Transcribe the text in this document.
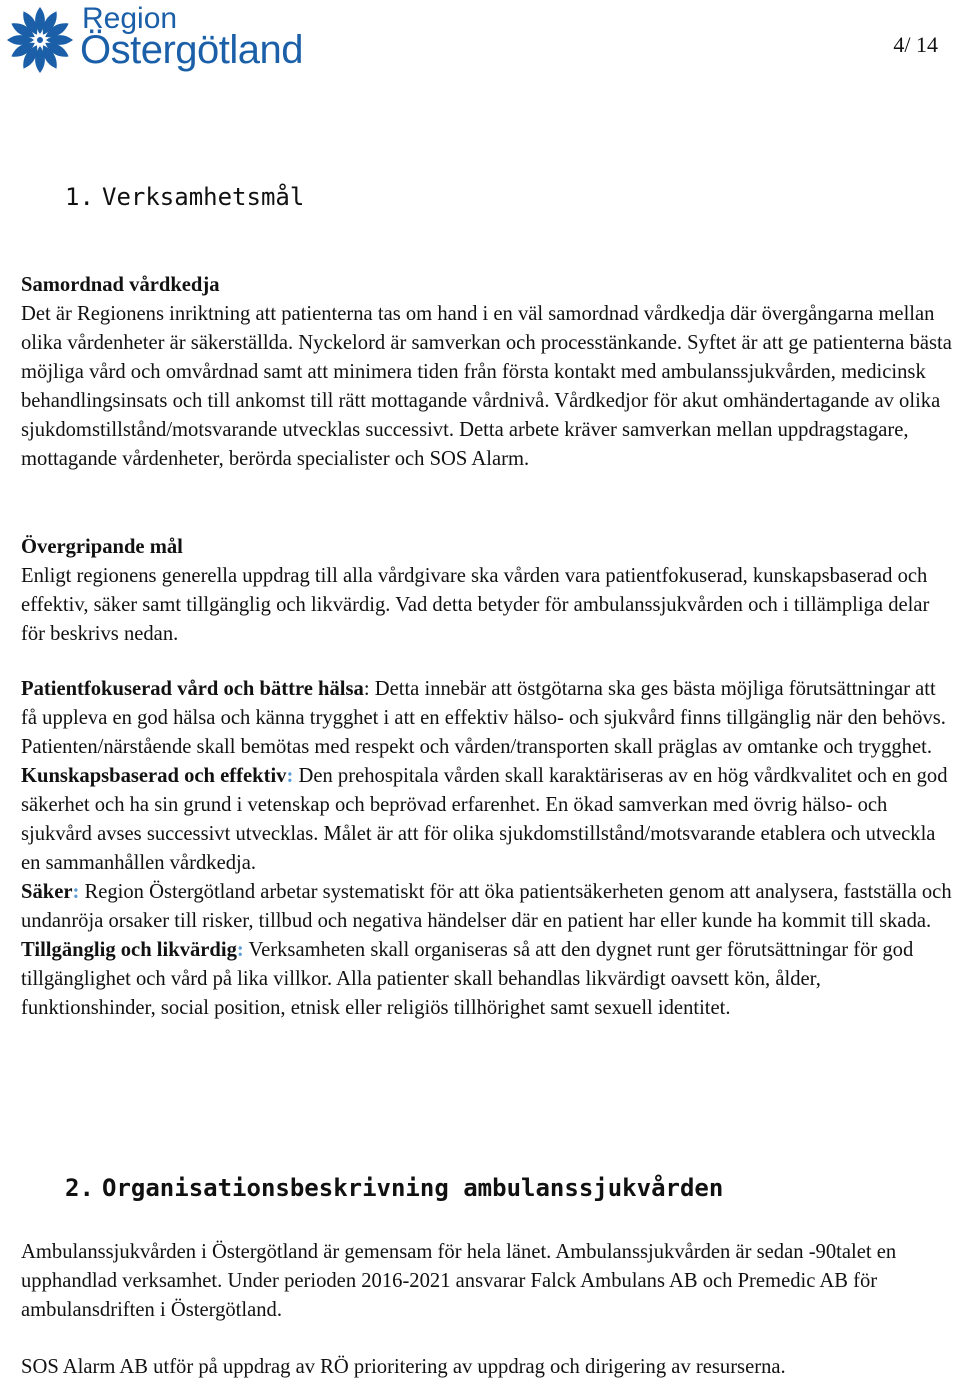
Region
Östergötland	4/ 14
1. Verksamhetsmål

Samordnad vårdkedja

Det är Regionens inriktning att patienterna tas om hand i en väl samordnad vårdkedja där övergångarna mellan olika vårdenheter är säkerställda. Nyckelord är samverkan och processtänkande. Syftet är att ge patienterna bästa möjliga vård och omvårdnad samt att minimera tiden från första kontakt med ambulanssjukvården, medicinsk behandlingsinsats och till ankomst till rätt mottagande vårdnivå. Vårdkedjor för akut omhändertagande av olika sjukdomstillstånd/motsvarande utvecklas successivt. Detta arbete kräver samverkan mellan uppdragstagare, mottagande vårdenheter, berörda specialister och SOS Alarm.

Övergripande mål

Enligt regionens generella uppdrag till alla vårdgivare ska vården vara patientfokuserad, kunskapsbaserad och effektiv, säker samt tillgänglig och likvärdig. Vad detta betyder för ambulanssjukvården och i tillämpliga delar för beskrivs nedan.

Patientfokuserad vård och bättre hälsa: Detta innebär att östgötarna ska ges bästa möjliga förutsättningar att få uppleva en god hälsa och känna trygghet i att en effektiv hälso- och sjukvård finns tillgänglig när den behövs. Patienten/närstående skall bemötas med respekt och vården/transporten skall präglas av omtanke och trygghet.

Kunskapsbaserad och effektiv: Den prehospitala vården skall karaktäriseras av en hög vårdkvalitet och en god säkerhet och ha sin grund i vetenskap och beprövad erfarenhet. En ökad samverkan med övrig hälso- och sjukvård avses successivt utvecklas. Målet är att för olika sjukdomstillstånd/motsvarande etablera och utveckla en sammanhållen vårdkedja.

Säker: Region Östergötland arbetar systematiskt för att öka patientsäkerheten genom att analysera, fastställa och undanröja orsaker till risker, tillbud och negativa händelser där en patient har eller kunde ha kommit till skada.

Tillgänglig och likvärdig: Verksamheten skall organiseras så att den dygnet runt ger förutsättningar för god tillgänglighet och vård på lika villkor. Alla patienter skall behandlas likvärdigt oavsett kön, ålder, funktionshinder, social position, etnisk eller religiös tillhörighet samt sexuell identitet.

2. Organisationsbeskrivning ambulanssjukvården

Ambulanssjukvården i Östergötland är gemensam för hela länet. Ambulanssjukvården är sedan -90talet en upphandlad verksamhet. Under perioden 2016-2021 ansvarar Falck Ambulans AB och Premedic AB för ambulansdriften i Östergötland.

SOS Alarm AB utför på uppdrag av RÖ prioritering av uppdrag och dirigering av resurserna.
